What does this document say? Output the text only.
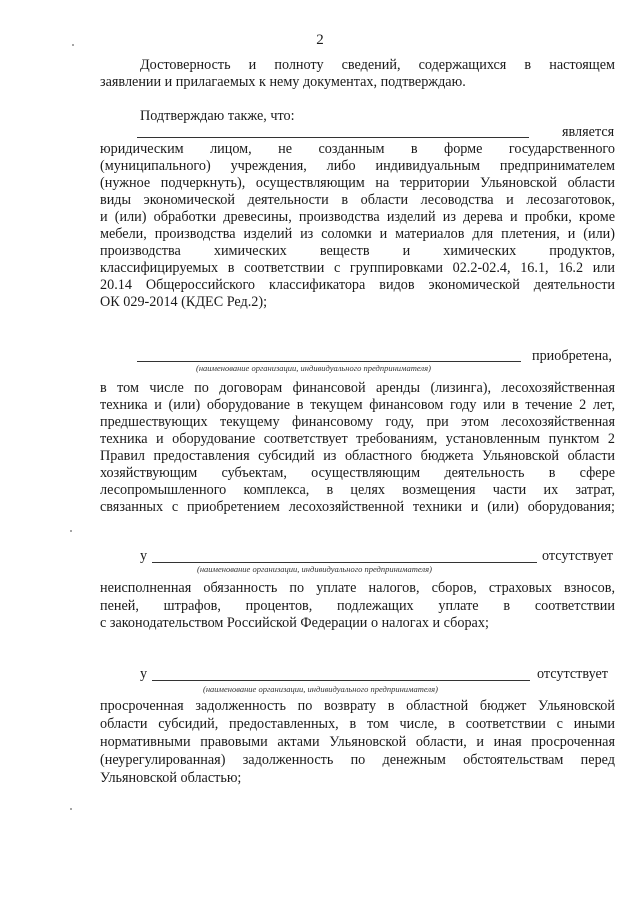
2
Достоверность и полноту сведений, содержащихся в настоящем
заявлении и прилагаемых к нему документах, подтверждаю.
Подтверждаю также, что:
является
юридическим лицом, не созданным в форме государственного
(муниципального) учреждения, либо индивидуальным предпринимателем
(нужное подчеркнуть), осуществляющим на территории Ульяновской области
виды экономической деятельности в области лесоводства и лесозаготовок,
и (или) обработки древесины, производства изделий из дерева и пробки, кроме
мебели, производства изделий из соломки и материалов для плетения, и (или)
производства химических веществ и химических продуктов,
классифицируемых в соответствии с группировками 02.2-02.4, 16.1, 16.2 или
20.14 Общероссийского классификатора видов экономической деятельности
ОК 029-2014 (КДЕС Ред.2);
приобретена,
(наименование организации, индивидуального предпринимателя)
в том числе по договорам финансовой аренды (лизинга), лесохозяйственная
техника и (или) оборудование в текущем финансовом году или в течение 2 лет,
предшествующих текущему финансовому году, при этом лесохозяйственная
техника и оборудование соответствует требованиям, установленным пунктом 2
Правил предоставления субсидий из областного бюджета Ульяновской области
хозяйствующим субъектам, осуществляющим деятельность в сфере
лесопромышленного комплекса, в целях возмещения части их затрат,
связанных с приобретением лесохозяйственной техники и (или) оборудования;
у	отсутствует
(наименование организации, индивидуального предпринимателя)
неисполненная обязанность по уплате налогов, сборов, страховых взносов,
пеней, штрафов, процентов, подлежащих уплате в соответствии
с законодательством Российской Федерации о налогах и сборах;
у	отсутствует
(наименование организации, индивидуального предпринимателя)
просроченная задолженность по возврату в областной бюджет Ульяновской
области субсидий, предоставленных, в том числе, в соответствии с иными
нормативными правовыми актами Ульяновской области, и иная просроченная
(неурегулированная) задолженность по денежным обстоятельствам перед
Ульяновской областью;
